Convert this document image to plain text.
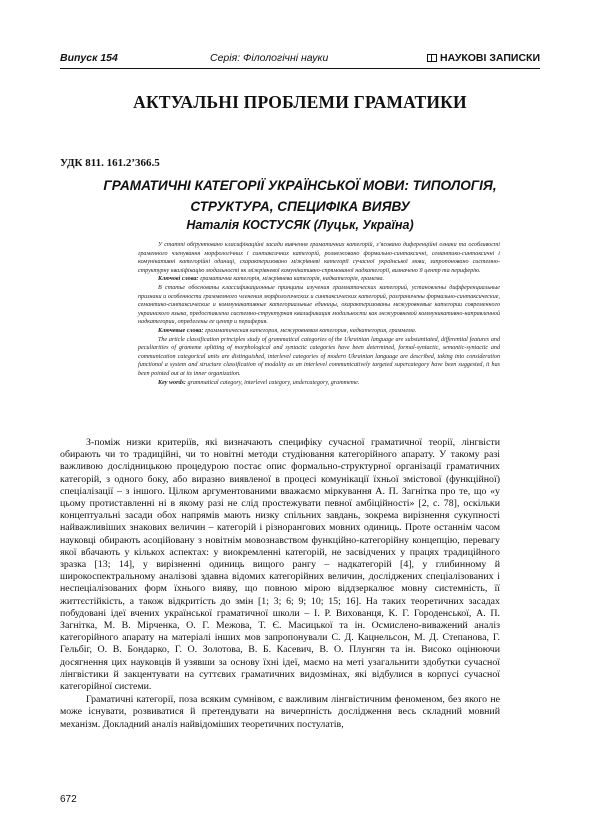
Випуск 154	Серія: Філологічні науки	НАУКОВІ ЗАПИСКИ
АКТУАЛЬНІ ПРОБЛЕМИ ГРАМАТИКИ
УДК 811. 161.2’366.5
ГРАМАТИЧНІ КАТЕГОРІЇ УКРАЇНСЬКОЇ МОВИ: ТИПОЛОГІЯ,
СТРУКТУРА, СПЕЦИФІКА ВИЯВУ
Наталія КОСТУСЯК (Луцьк, Україна)

У статті обґрунтовано класифікаційні засади вивчення граматичних категорій, з’ясовано диференційні ознаки та особливості граменного членування морфологічних і синтаксичних категорій, розмежовано формально-синтаксичні, семантико-синтаксичні і комунікативні категорійні одиниці, схарактеризовано міжрівневі категорії сучасної української мови, запропоновано системно-структурну кваліфікацію модальності як міжрівневої комунікативно-спрямованої надкатегорії, визначено її центр та периферію.

Ключові слова: граматична категорія, міжрівнева категорія, надкатегорія, грамема.

В статье обоснованы классификационные принципы изучения грамматических категорий, установлены дифференциальные признаки и особенности граммемного членения морфологических и синтаксических категорий, разграничены формально-синтаксические, семантико-синтаксические и коммуникативные категориальные единицы, охарактеризованы межуровневые категории современного украинского языка, предоставлена системно-структурная квалификация модальности как межуровневой коммуникативно-направленной надкатегории, определены ее центр и периферия.

Ключевые слова: грамматическая категория, межуровневая категория, надкатегория, граммема.

The article classification principles study of grammatical categories of the Ukrainian language are substantiated, differential features and peculiarities of grameme splitting of morphological and syntactic categories have been determined, formal-syntactic, semantic-syntactic and communication categorical units are distinguished, interlevel categories of modern Ukrainian language are described, taking into consideration functional a system and structure classification of modality as an interlevel communicatively targeted supercategory have been suggested, it has been pointed out at its inner organization.

Key words: grammatical category, interlevel category, undercategory, grammeme.

З-поміж низки критеріїв, які визначають специфіку сучасної граматичної теорії, лінгвісти обирають чи то традиційні, чи то новітні методи студіювання категорійного апарату. У такому разі важливою дослідницькою процедурою постає опис формально-структурної організації граматичних категорій, з одного боку, або виразно виявленої в процесі комунікації їхньої змістової (функційної) спеціалізації – з іншого. Цілком аргументованими вважаємо міркування А. П. Загнітка про те, що «у цьому протиставленні ні в якому разі не слід простежувати певної амбіційності» [2, с. 78], оскільки концептуальні засади обох напрямів мають низку спільних завдань, зокрема вирізнення сукупності найважливіших знакових величин – категорій і різнорангових мовних одиниць. Проте останнім часом науковці обирають асоційовану з новітнім мовознавством функційно-категорійну концепцію, перевагу якої вбачають у кількох аспектах: у виокремленні категорій, не засвідчених у працях традиційного зразка [13; 14], у вирізненні одиниць вищого рангу – надкатегорій [4], у глибинному й широкоспектральному аналізові здавна відомих категорійних величин, досліджених спеціалізованих і неспеціалізованих форм їхнього вияву, що повною мірою віддзеркалює мовну системність, її життєстійкість, а також відкритість до змін [1; 3; 6; 9; 10; 15; 16]. На таких теоретичних засадах побудовані ідеї вчених української граматичної школи – І. Р. Вихованця, К. Г. Городенської, А. П. Загнітка, М. В. Мірченка, О. Г. Межова, Т. Є. Масицької та ін. Осмислено-виважений аналіз категорійного апарату на матеріалі інших мов запропонували С. Д. Кацнельсон, М. Д. Степанова, Г. Гельбіг, О. В. Бондарко, Г. О. Золотова, В. Б. Касевич, В. О. Плунгян та ін. Високо оцінюючи досягнення цих науковців й узявши за основу їхні ідеї, маємо на меті узагальнити здобутки сучасної лінгвістики й закцентувати на суттєвих граматичних видозмінах, які відбулися в корпусі сучасної категорійної системи.

Граматичні категорії, поза всяким сумнівом, є важливим лінгвістичним феноменом, без якого не може існувати, розвиватися й претендувати на вичерпність дослідження весь складний мовний механізм. Докладний аналіз найвідоміших теоретичних постулатів,

672
